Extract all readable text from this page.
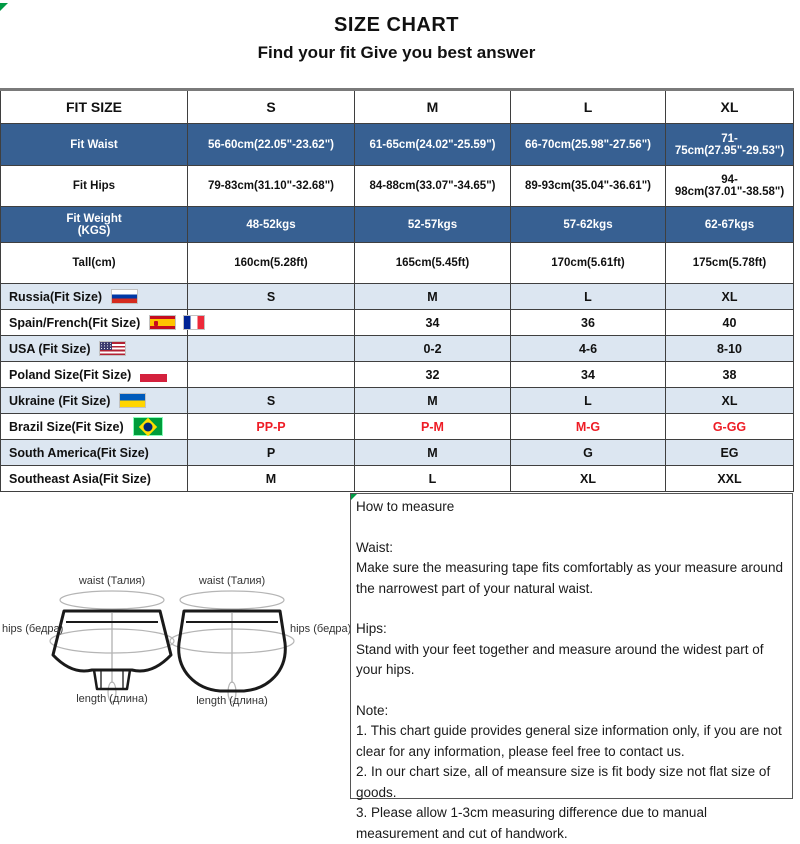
SIZE CHART
Find your fit Give you best answer
FIT SIZE	S	M	L	XL
Fit Waist	56-60cm(22.05"-23.62")	61-65cm(24.02"-25.59")	66-70cm(25.98"-27.56")	71-75cm(27.95"-29.53")
Fit Hips	79-83cm(31.10"-32.68")	84-88cm(33.07"-34.65")	89-93cm(35.04"-36.61")	94-98cm(37.01"-38.58")
Fit Weight
(KGS)	48-52kgs	52-57kgs	57-62kgs	62-67kgs
Tall(cm)	160cm(5.28ft)	165cm(5.45ft)	170cm(5.61ft)	175cm(5.78ft)
Russia(Fit Size)	S	M	L	XL
Spain/French(Fit Size)		34	36	40
USA (Fit Size)		0-2	4-6	8-10
Poland Size(Fit Size)		32	34	38
Ukraine (Fit Size)	S	M	L	XL
Brazil Size(Fit Size)	PP-P	P-M	M-G	G-GG
South America(Fit Size)	P	M	G	EG
Southeast Asia(Fit Size)	M	L	XL	XXL
waist (Талия)	waist (Талия)
hips (бедра)	hips (бедра)
length (длина)	length (длина)

How to measure

Waist:

Make sure the measuring tape fits comfortably as your measure around the narrowest part of your natural waist.

Hips:

Stand with your feet together and measure around the widest part of your hips.

Note:

1. This chart guide provides general size information only, if you are not clear for any information, please feel free to contact us.

2. In our chart size, all of meansure size is fit body size not flat size of goods.

3. Please allow 1-3cm measuring difference due to manual measurement and cut of handwork.
